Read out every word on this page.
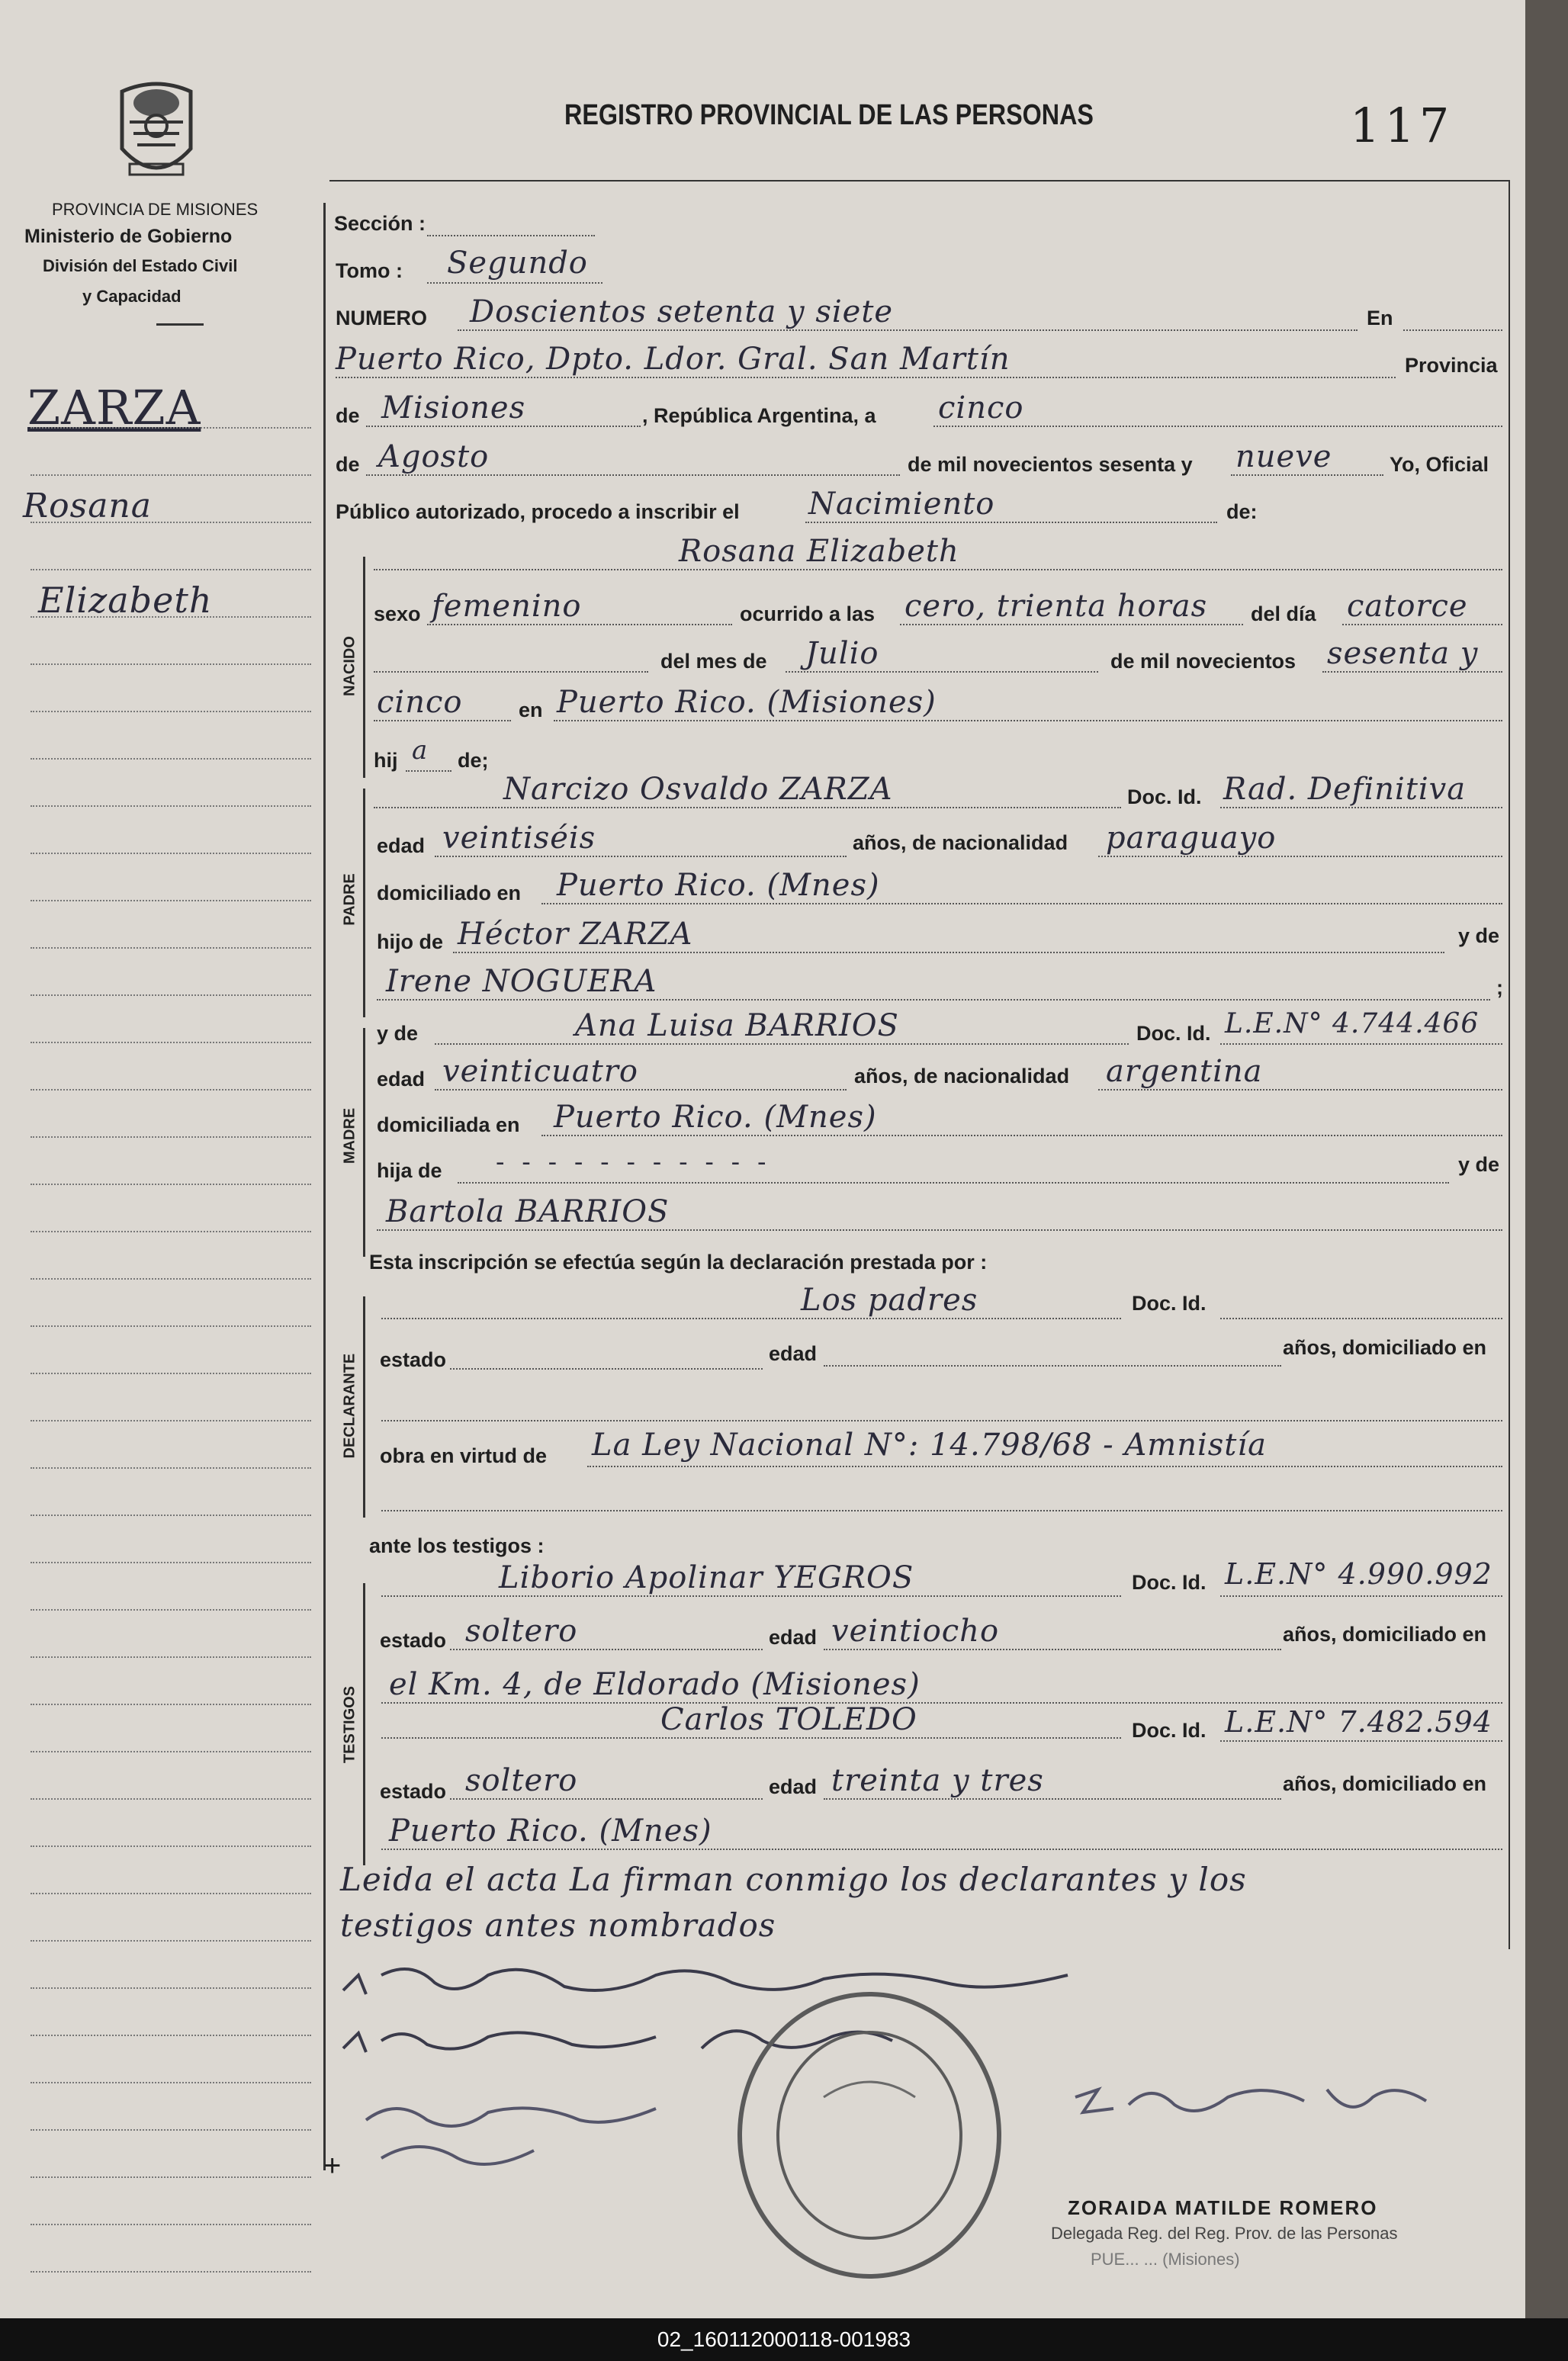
PROVINCIA DE MISIONES
Ministerio de Gobierno
División del Estado Civil
y Capacidad
REGISTRO PROVINCIAL DE LAS PERSONAS	117
ZARZA
Rosana
Elizabeth
NACIDO
PADRE
MADRE
DECLARANTE
TESTIGOS
Sección :
Tomo : Segundo
NUMERO Doscientos setenta y siete	En
Puerto Rico, Dpto. Ldor. Gral. San Martín	Provincia
de Misiones	, República Argentina, a cinco
de Agosto	de mil novecientos sesenta y nueve	Yo, Oficial
Público autorizado, procedo a inscribir el Nacimiento	de:
Rosana Elizabeth
sexo femenino	ocurrido a las cero, trienta horas del día catorce
del mes de Julio	de mil novecientos sesenta y
cinco	en Puerto Rico. (Misiones)
hij a de;
Narcizo Osvaldo ZARZA	Doc. Id. Rad. Definitiva
edad veintiséis	años, de nacionalidad paraguayo
domiciliado en Puerto Rico. (Mnes)
hijo de Héctor ZARZA	y de
Irene NOGUERA	;
y de	Ana Luisa BARRIOS	Doc. Id. L.E.N° 4.744.466
edad veinticuatro	años, de nacionalidad argentina
domiciliada en Puerto Rico. (Mnes)
hija de - - - - - - - - - - -	y de
Bartola BARRIOS
Esta inscripción se efectúa según la declaración prestada por :
Los padres	Doc. Id.
estado	edad	años, domiciliado en
obra en virtud de La Ley Nacional N°: 14.798/68 - Amnistía
ante los testigos :
Liborio Apolinar YEGROS	Doc. Id. L.E.N° 4.990.992
estado soltero	edad veintiocho	años, domiciliado en
el Km. 4, de Eldorado (Misiones)
Carlos TOLEDO	Doc. Id. L.E.N° 7.482.594
estado soltero	edad treinta y tres	años, domiciliado en
Puerto Rico. (Mnes)
Leida el acta La firman conmigo los declarantes y los
testigos antes nombrados
ZORAIDA MATILDE ROMERO
Delegada Reg. del Reg. Prov. de las Personas
PUE... ... (Misiones)
+
02_160112000118-001983
